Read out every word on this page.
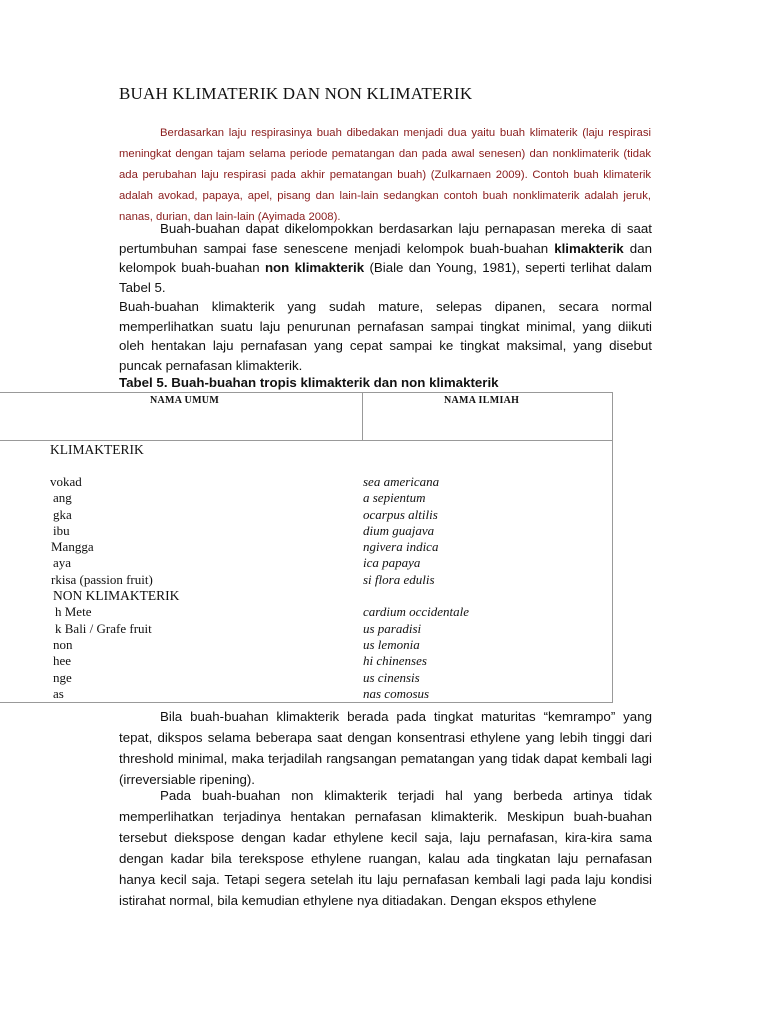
BUAH KLIMATERIK DAN NON KLIMATERIK

Berdasarkan laju respirasinya buah dibedakan menjadi dua yaitu buah klimaterik (laju respirasi meningkat dengan tajam selama periode pematangan dan pada awal senesen) dan nonklimaterik (tidak ada perubahan laju respirasi pada akhir pematangan buah) (Zulkarnaen 2009). Contoh buah klimaterik adalah avokad, papaya, apel, pisang dan lain-lain sedangkan contoh buah nonklimaterik adalah jeruk, nanas, durian, dan lain-lain (Ayimada 2008).

Buah-buahan dapat dikelompokkan berdasarkan laju pernapasan mereka di saat pertumbuhan sampai fase senescene menjadi kelompok buah-buahan klimakterik dan kelompok buah-buahan non klimakterik (Biale dan Young, 1981), seperti terlihat dalam Tabel 5.

Buah-buahan klimakterik yang sudah mature, selepas dipanen, secara normal memperlihatkan suatu laju penurunan pernafasan sampai tingkat minimal, yang diikuti oleh hentakan laju pernafasan yang cepat sampai ke tingkat maksimal, yang disebut puncak pernafasan klimakterik.

Tabel 5. Buah-buahan tropis klimakterik dan non klimakterik
NAMA UMUM	NAMA ILMIAH
KLIMAKTERIK
vokad	sea americana
ang	a sepientum
gka	ocarpus altilis
ibu	dium guajava
Mangga	ngivera indica
aya	ica papaya
rkisa (passion fruit)	si flora edulis
NON KLIMAKTERIK
h Mete	cardium occidentale
k Bali / Grafe fruit	us paradisi
non	us lemonia
hee	hi chinenses
nge	us cinensis
as	nas comosus

Bila buah-buahan klimakterik berada pada tingkat maturitas “kemrampo” yang tepat, dikspos selama beberapa saat dengan konsentrasi ethylene yang lebih tinggi dari threshold minimal, maka terjadilah rangsangan pematangan yang tidak dapat kembali lagi (irreversiable ripening).

Pada buah-buahan non klimakterik terjadi hal yang berbeda artinya tidak memperlihatkan terjadinya hentakan pernafasan klimakterik. Meskipun buah-buahan tersebut diekspose dengan kadar ethylene kecil saja, laju pernafasan, kira-kira sama dengan kadar bila terekspose ethylene ruangan, kalau ada tingkatan laju pernafasan hanya kecil saja. Tetapi segera setelah itu laju pernafasan kembali lagi pada laju kondisi istirahat normal, bila kemudian ethylene nya ditiadakan. Dengan ekspos ethylene
